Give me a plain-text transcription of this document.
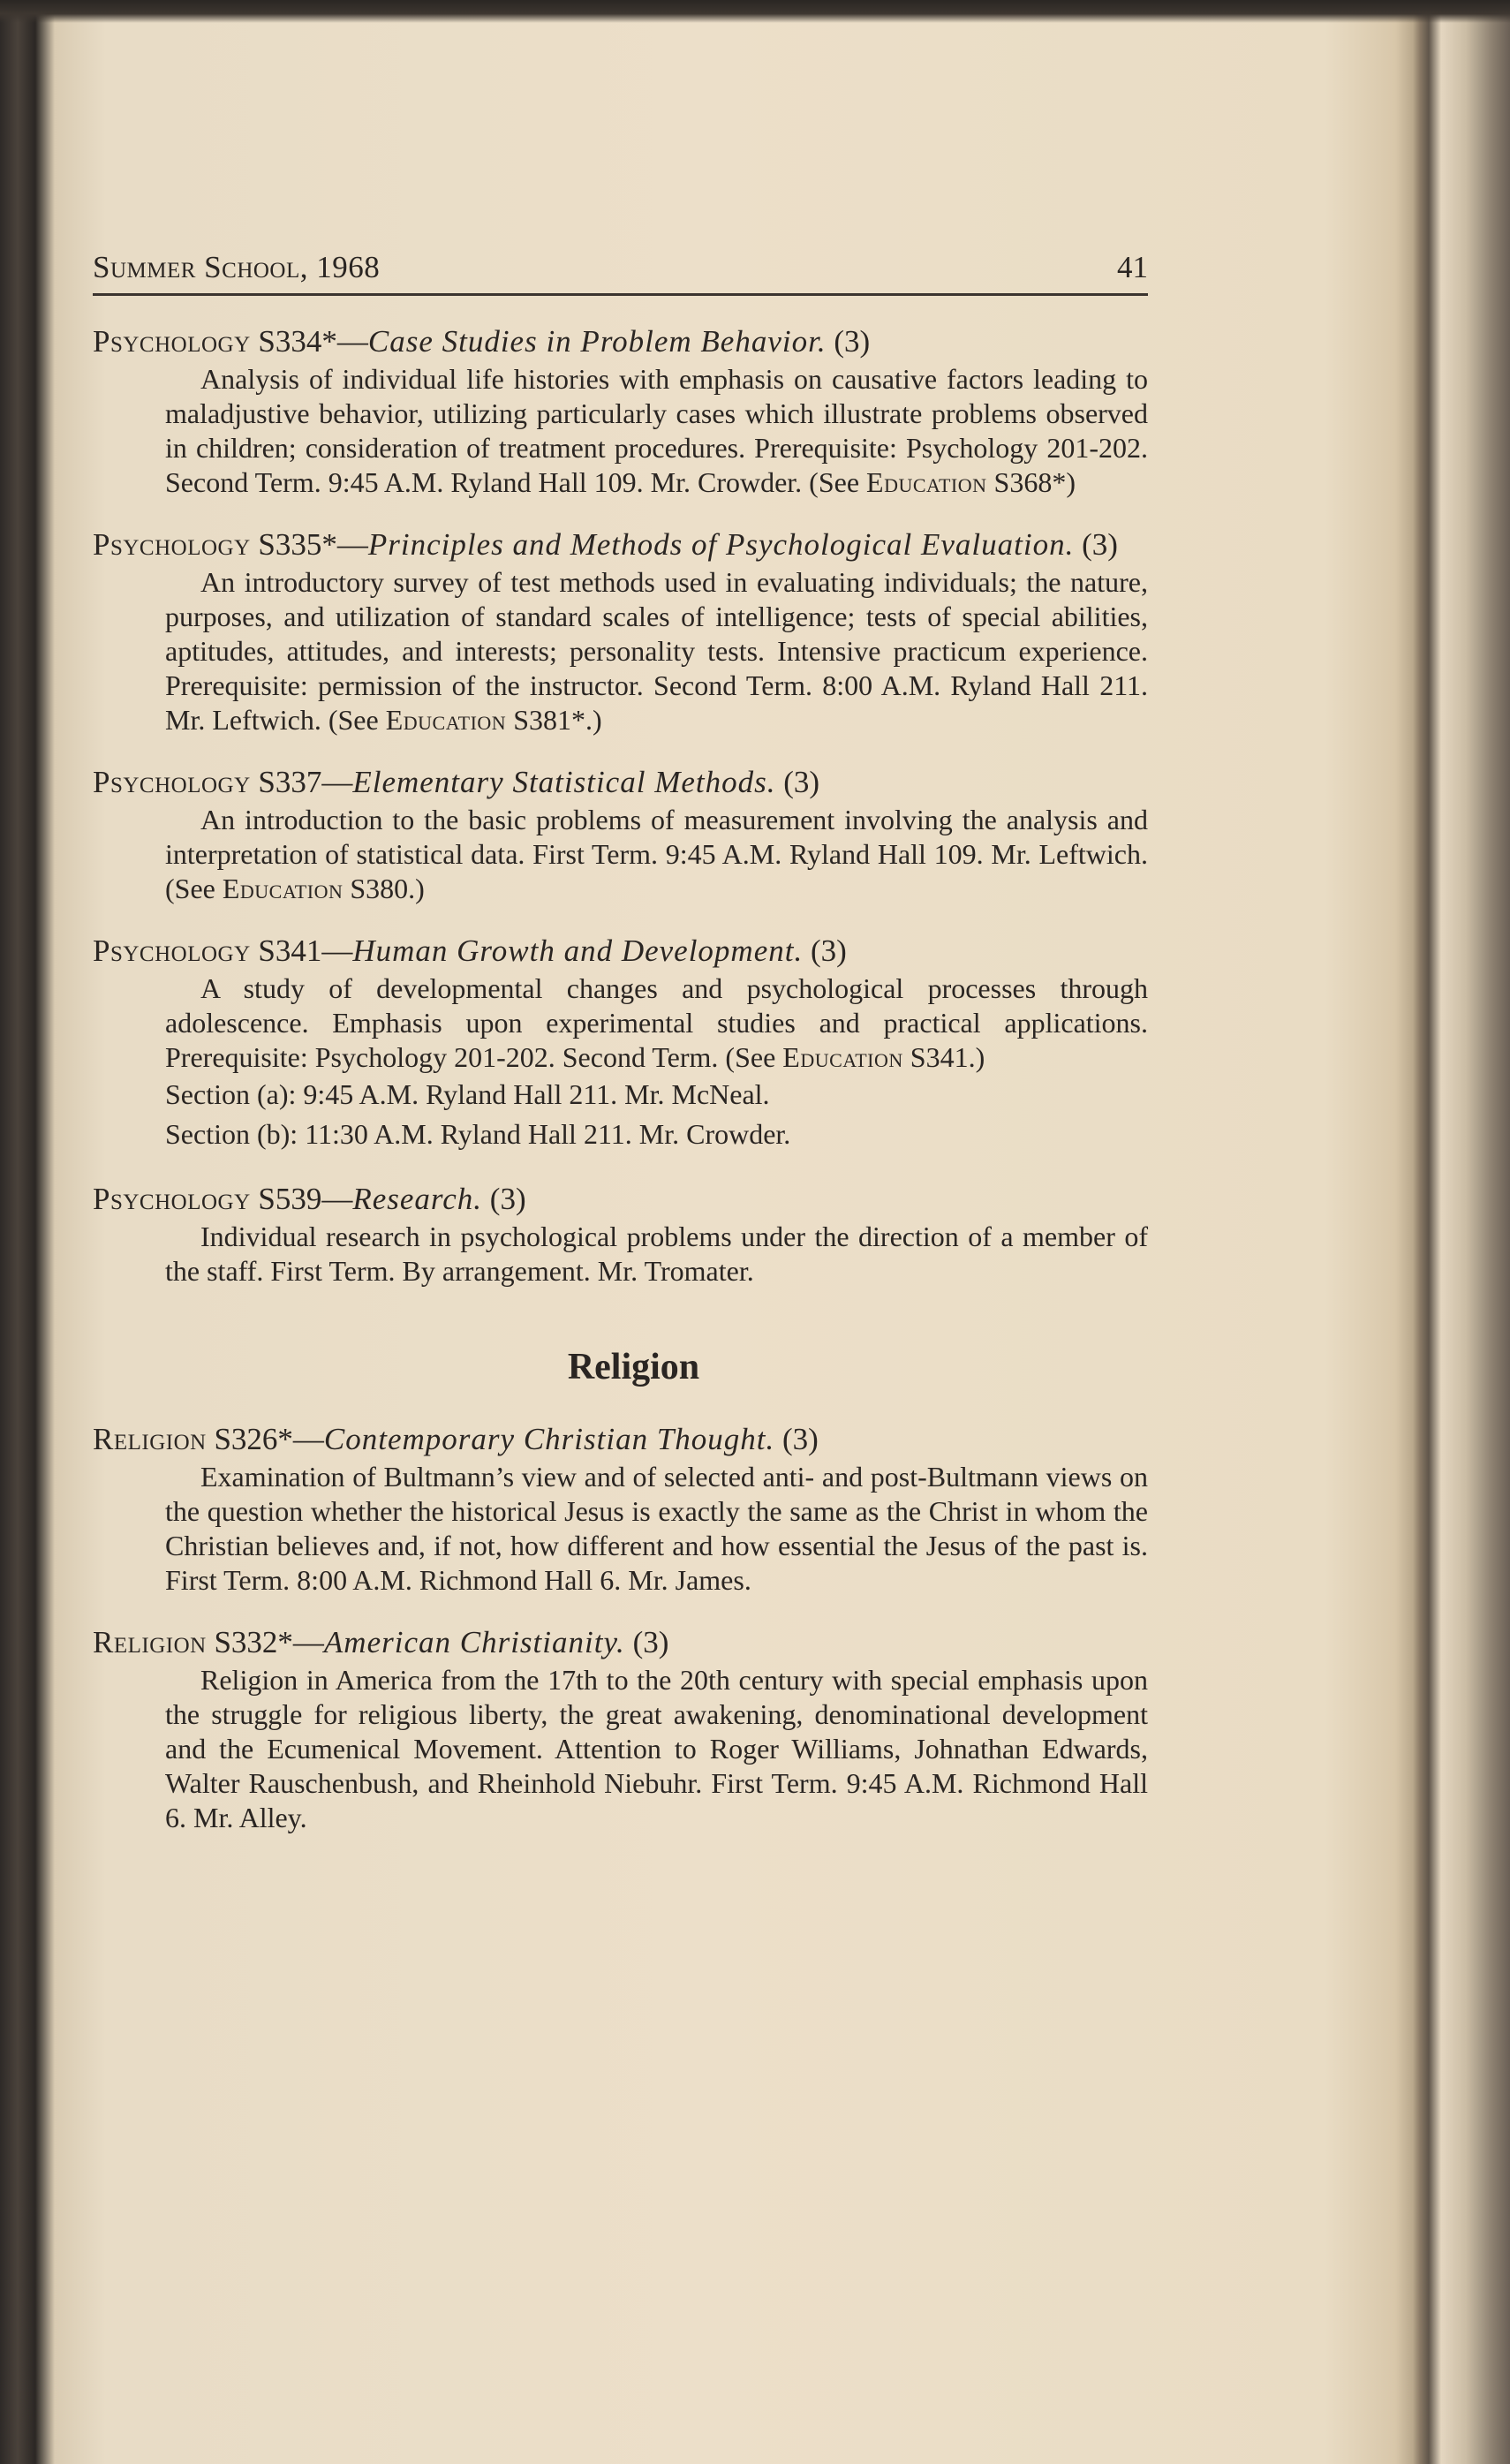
Summer School, 1968	41

Psychology S334*—Case Studies in Problem Behavior. (3)

Analysis of individual life histories with emphasis on causative factors leading to maladjustive behavior, utilizing particularly cases which illustrate problems observed in children; consideration of treatment procedures. Prerequisite: Psychology 201-202. Second Term. 9:45 A.M. Ryland Hall 109. Mr. Crowder. (See Education S368*)

Psychology S335*—Principles and Methods of Psychological Evaluation. (3)

An introductory survey of test methods used in evaluating individuals; the nature, purposes, and utilization of standard scales of intelligence; tests of special abilities, aptitudes, attitudes, and interests; personality tests. Intensive practicum experience. Prerequisite: permission of the instructor. Second Term. 8:00 A.M. Ryland Hall 211. Mr. Leftwich. (See Education S381*.)

Psychology S337—Elementary Statistical Methods. (3)

An introduction to the basic problems of measurement involving the analysis and interpretation of statistical data. First Term. 9:45 A.M. Ryland Hall 109. Mr. Leftwich. (See Education S380.)

Psychology S341—Human Growth and Development. (3)

A study of developmental changes and psychological processes through adolescence. Emphasis upon experimental studies and practical applications. Prerequisite: Psychology 201-202. Second Term. (See Education S341.)

Section (a): 9:45 A.M. Ryland Hall 211. Mr. McNeal.

Section (b): 11:30 A.M. Ryland Hall 211. Mr. Crowder.

Psychology S539—Research. (3)

Individual research in psychological problems under the direction of a member of the staff. First Term. By arrangement. Mr. Tromater.

Religion

Religion S326*—Contemporary Christian Thought. (3)

Examination of Bultmann’s view and of selected anti- and post-Bultmann views on the question whether the historical Jesus is exactly the same as the Christ in whom the Christian believes and, if not, how different and how essential the Jesus of the past is. First Term. 8:00 A.M. Richmond Hall 6. Mr. James.

Religion S332*—American Christianity. (3)

Religion in America from the 17th to the 20th century with special emphasis upon the struggle for religious liberty, the great awakening, denominational development and the Ecumenical Movement. Attention to Roger Williams, Johnathan Edwards, Walter Rauschenbush, and Rheinhold Niebuhr. First Term. 9:45 A.M. Richmond Hall 6. Mr. Alley.
